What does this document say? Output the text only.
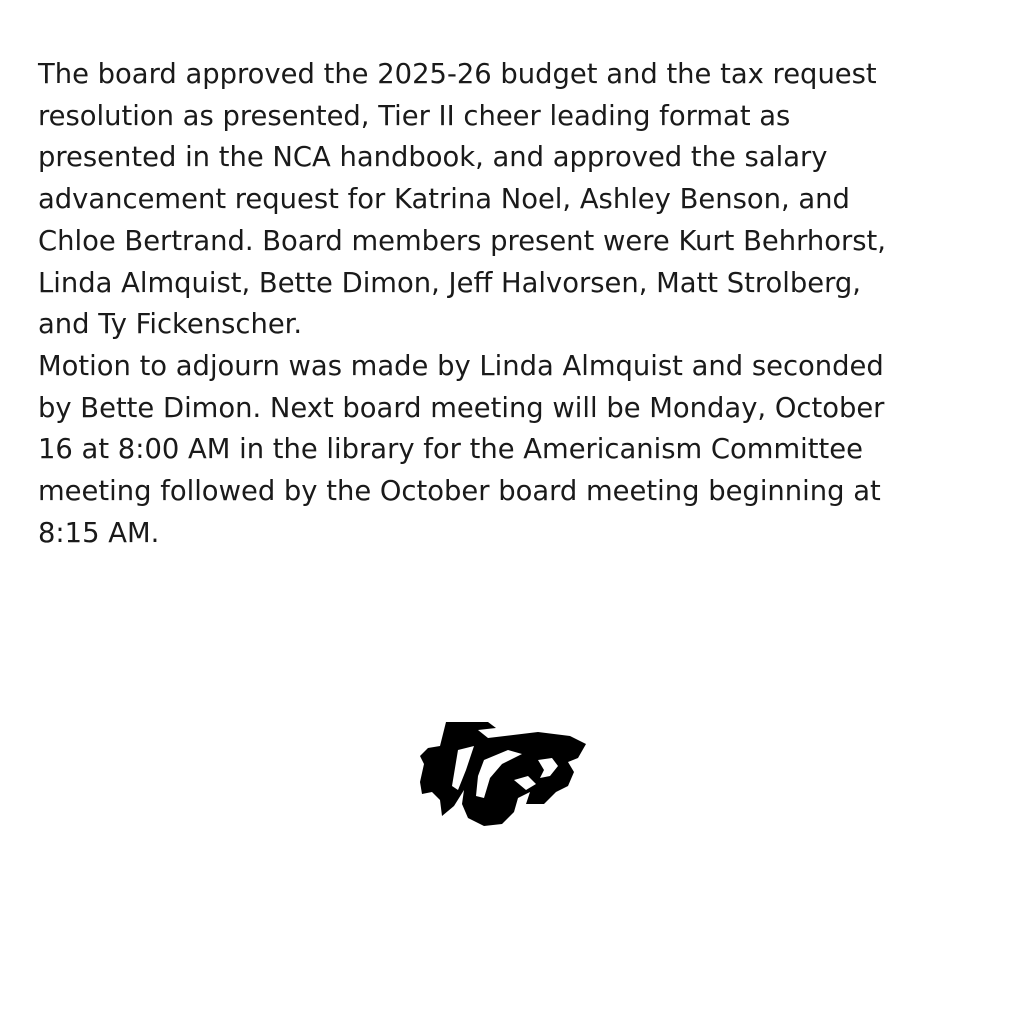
The board approved the 2025-26 budget and the tax request

resolution as presented, Tier II cheer leading format as

presented in the NCA handbook, and approved the salary

advancement request for Katrina Noel, Ashley Benson, and

Chloe Bertrand. Board members present were Kurt Behrhorst,

Linda Almquist, Bette Dimon, Jeff Halvorsen, Matt Strolberg,

and Ty Fickenscher.

Motion to adjourn was made by Linda Almquist and seconded

by Bette Dimon. Next board meeting will be Monday, October

16 at 8:00 AM in the library for the Americanism Committee

meeting followed by the October board meeting beginning at

8:15 AM.
